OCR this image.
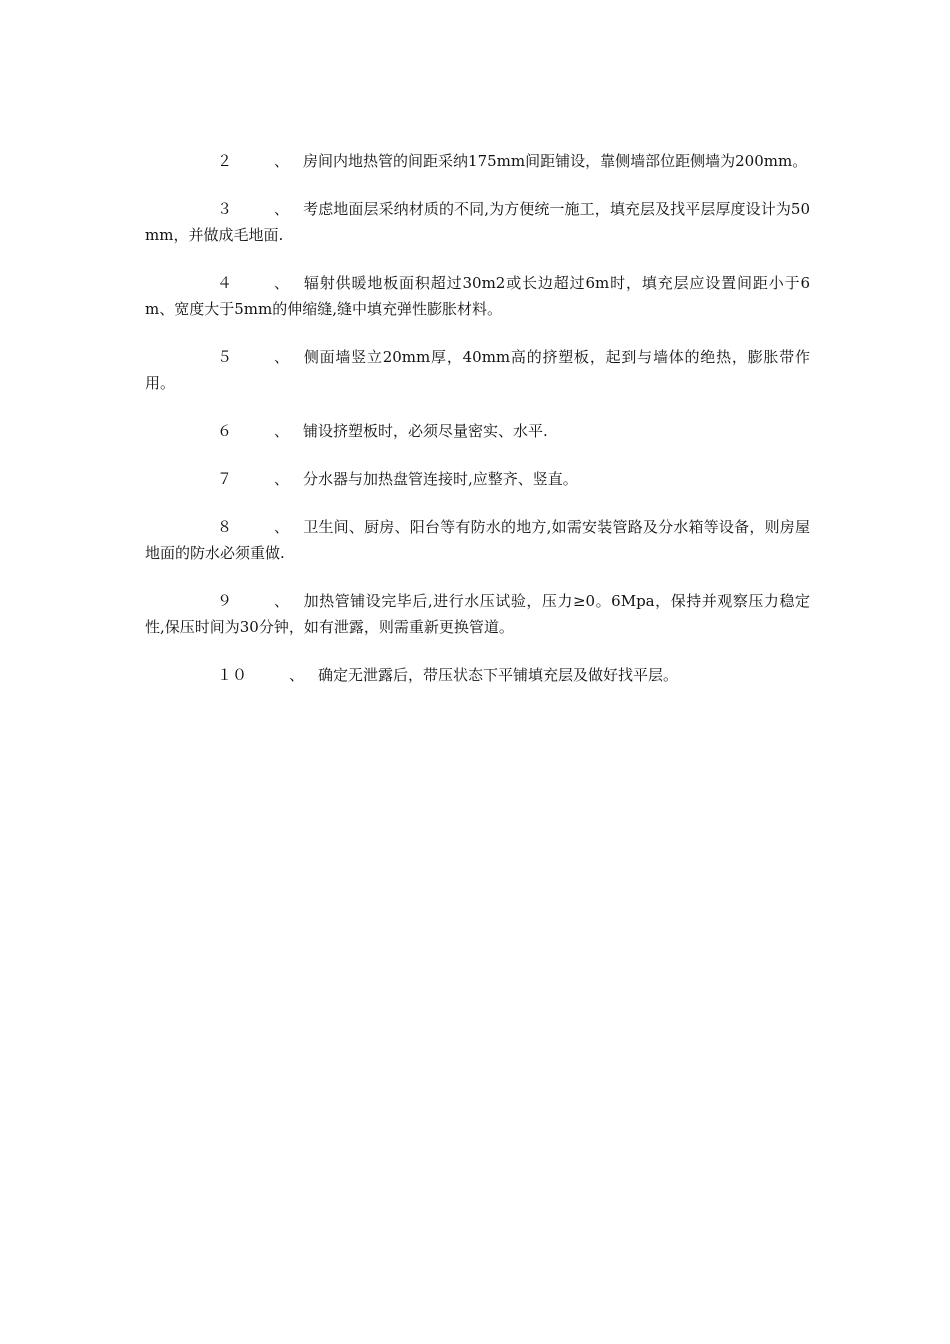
２	、 房间内地热管的间距采纳175mm间距铺设，靠侧墙部位距侧墙为200mm。

３	、 考虑地面层采纳材质的不同,为方便统一施工，填充层及找平层厚度设计为50mm，并做成毛地面.

４	、 辐射供暖地板面积超过30m2或长边超过6m时，填充层应设置间距小于6m、宽度大于5mm的伸缩缝,缝中填充弹性膨胀材料。

５	、 侧面墙竖立20mm厚，40mm高的挤塑板，起到与墙体的绝热，膨胀带作用。

６	、 铺设挤塑板时，必须尽量密实、水平.

７	、 分水器与加热盘管连接时,应整齐、竖直。

８	、 卫生间、厨房、阳台等有防水的地方,如需安装管路及分水箱等设备，则房屋地面的防水必须重做.

９	、 加热管铺设完毕后,进行水压试验，压力≥0。6Mpa，保持并观察压力稳定性,保压时间为30分钟，如有泄露，则需重新更换管道。

１０	、 确定无泄露后，带压状态下平铺填充层及做好找平层。
